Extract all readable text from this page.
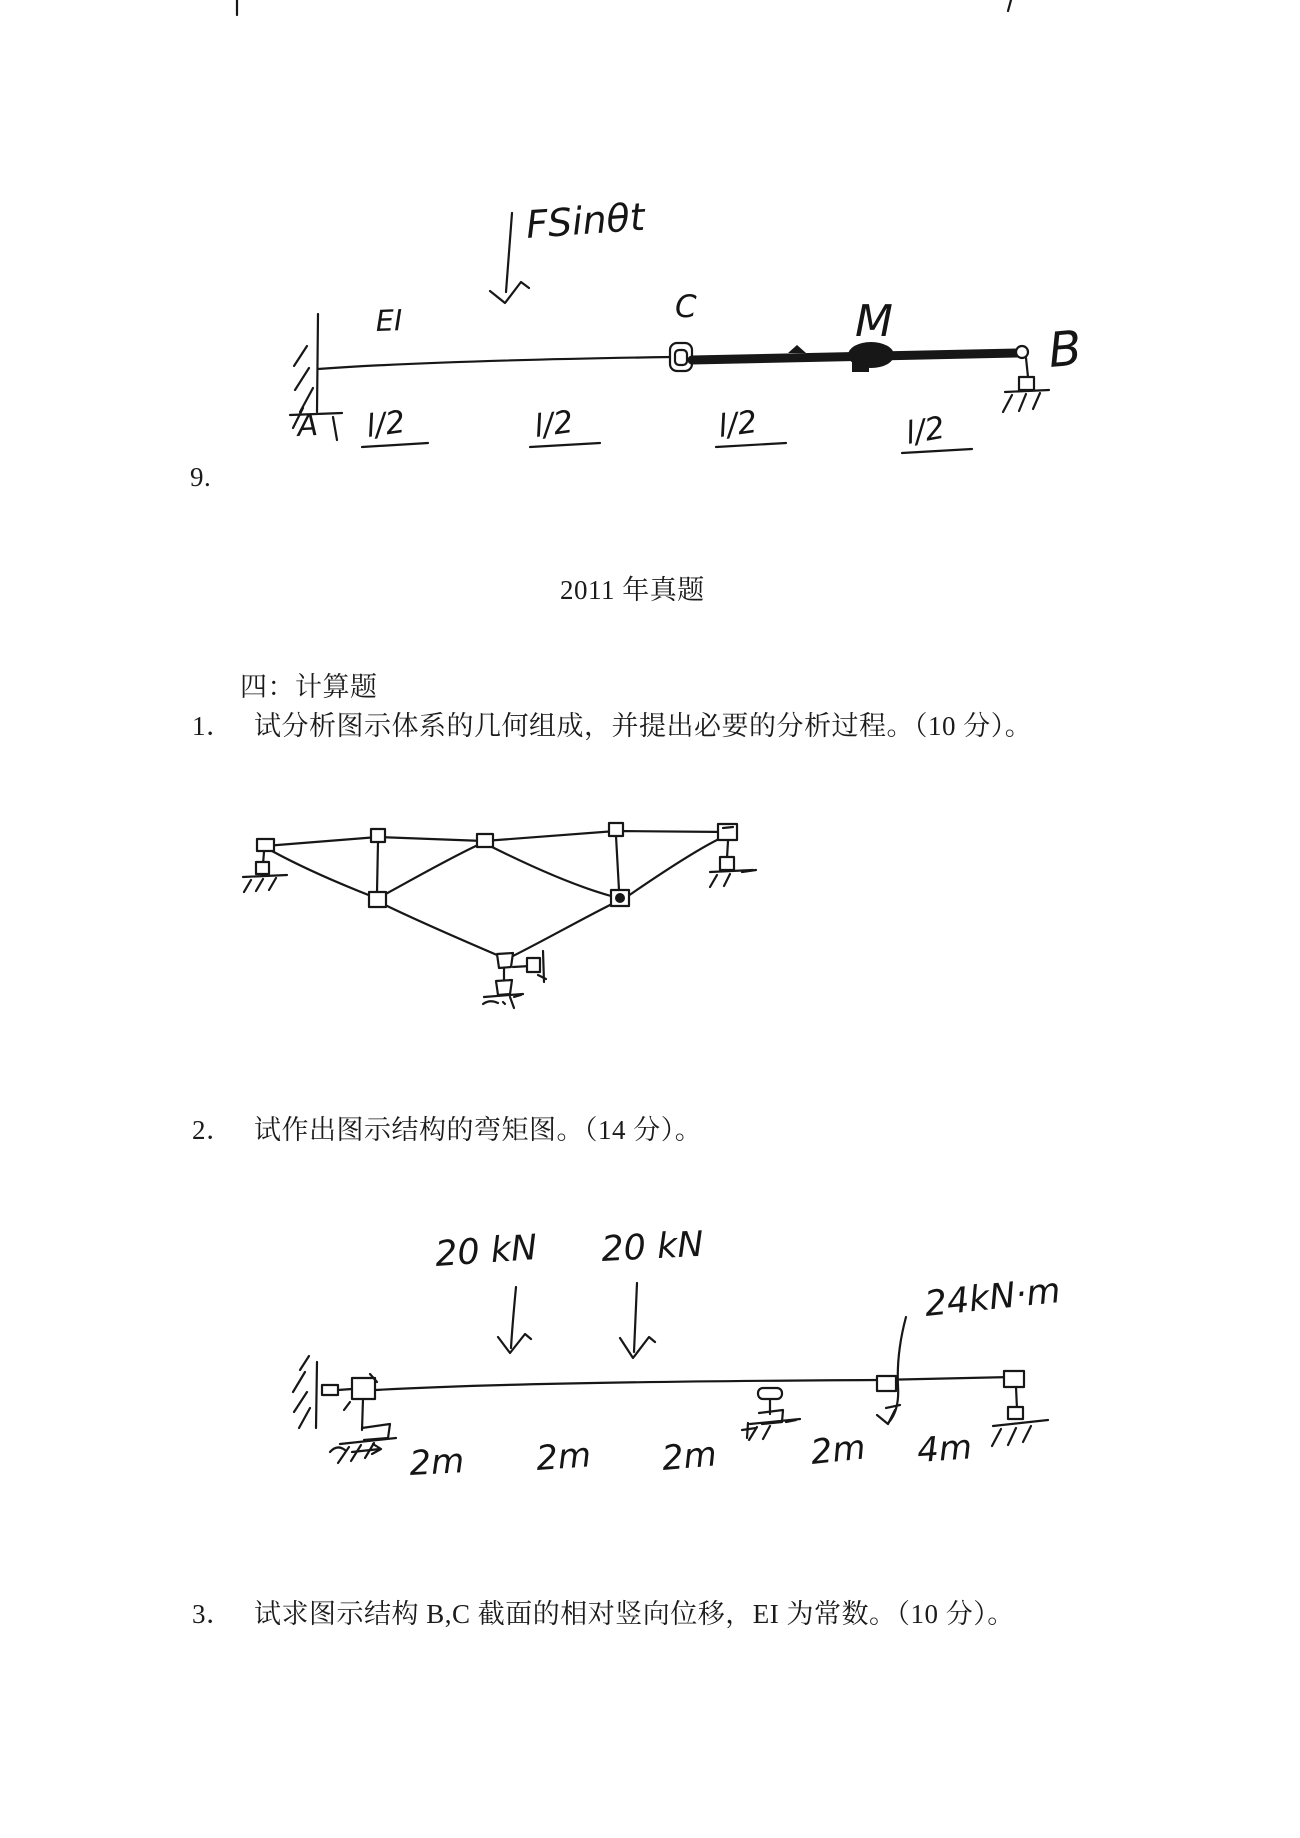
9.
2011 年真题
四：计算题
1． 试分析图示体系的几何组成，并提出必要的分析过程。（10 分）。
2． 试作出图示结构的弯矩图。（14 分）。
3． 试求图示结构 B,C 截面的相对竖向位移，EI 为常数。（10 分）。
FSinθt
A
EI	C	M	B
l/2	l/2	l/2	l/2
20 kN 20 kN
24kN·m
2m 2m 2m	2m 4m
